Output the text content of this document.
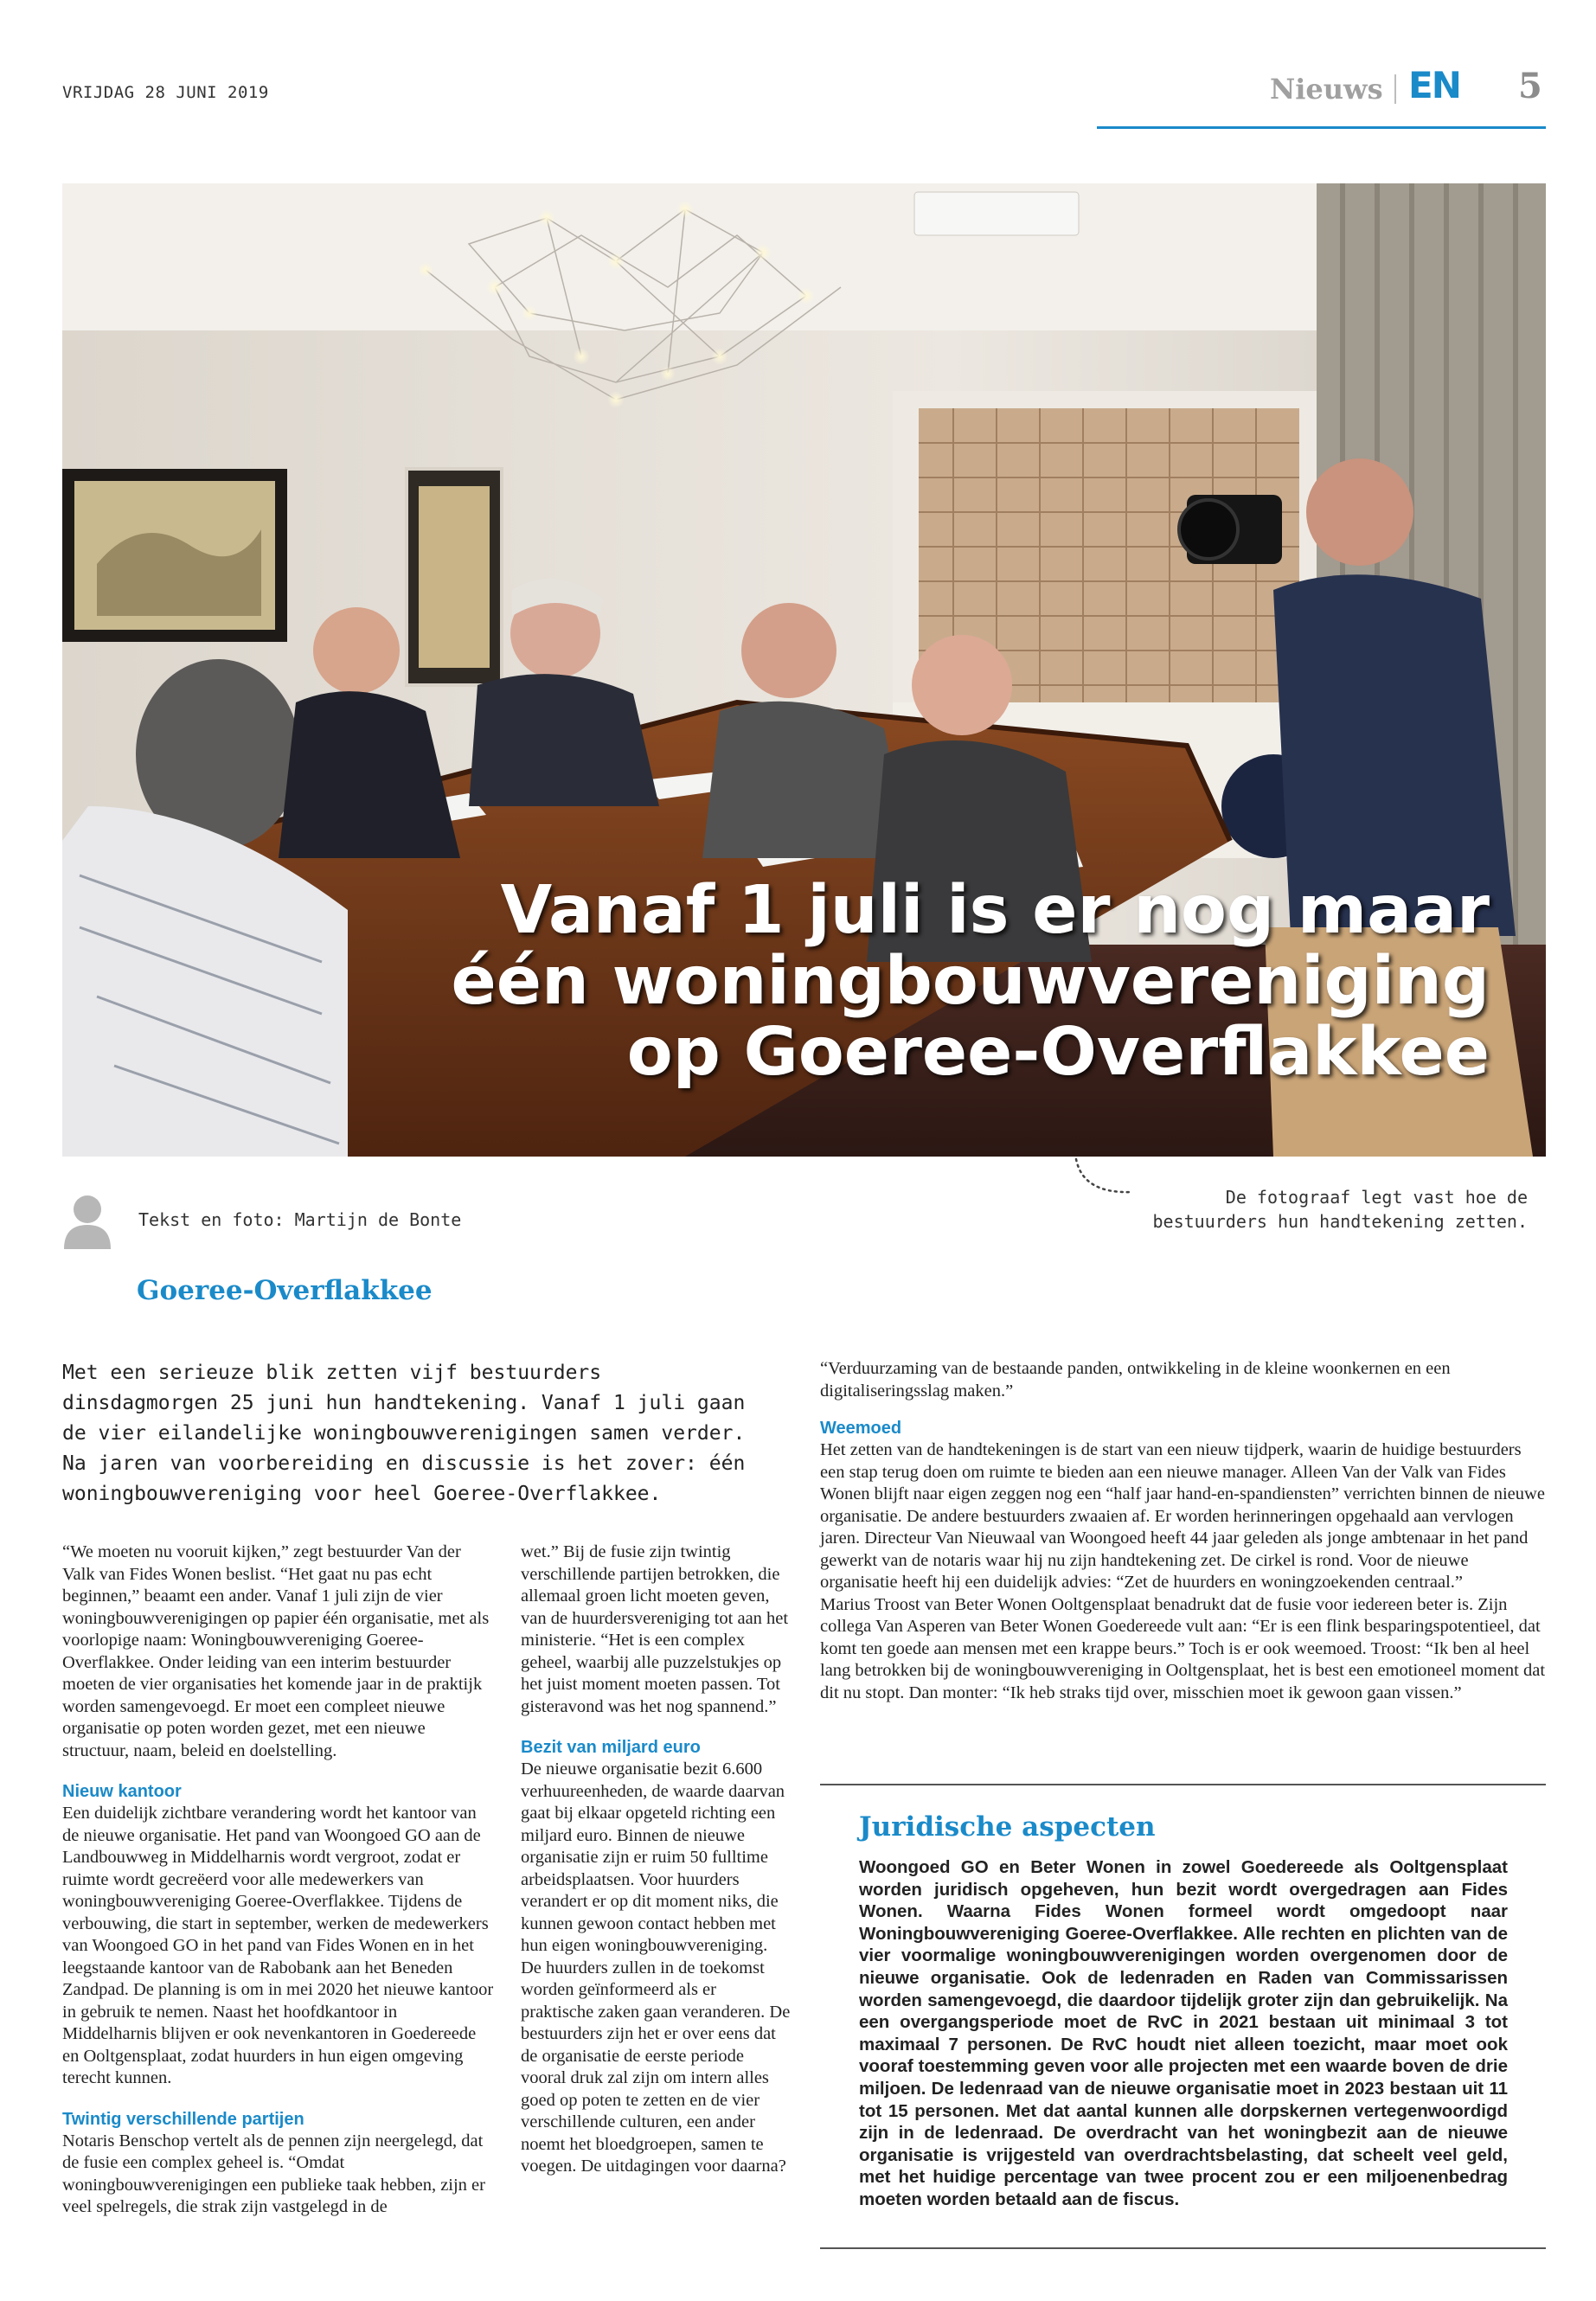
VRIJDAG 28 JUNI 2019	Nieuws EN 5
Vanaf 1 juli is er nog maar
één woningbouwvereniging
op Goeree-Overflakkee
Tekst en foto: Martijn de Bonte
De fotograaf legt vast hoe de bestuurders hun handtekening zetten.
Goeree-Overflakkee
Met een serieuze blik zetten vijf bestuurders dinsdagmorgen 25 juni hun handtekening. Vanaf 1 juli gaan de vier eilandelijke woningbouwverenigingen samen verder. Na jaren van voorbereiding en discussie is het zover: één woningbouwvereniging voor heel Goeree-Overflakkee.

“We moeten nu vooruit kijken,” zegt bestuurder Van der Valk van Fides Wonen beslist. “Het gaat nu pas echt beginnen,” beaamt een ander. Vanaf 1 juli zijn de vier woningbouwverenigingen op papier één organisatie, met als voorlopige naam: Woningbouwvereniging Goeree-Overflakkee. Onder leiding van een interim bestuurder moeten de vier organisaties het komende jaar in de praktijk worden samengevoegd. Er moet een compleet nieuwe organisatie op poten worden gezet, met een nieuwe structuur, naam, beleid en doelstelling.

Nieuw kantoor

Een duidelijk zichtbare verandering wordt het kantoor van de nieuwe organisatie. Het pand van Woongoed GO aan de Landbouwweg in Middelharnis wordt vergroot, zodat er ruimte wordt gecreëerd voor alle medewerkers van woningbouwvereniging Goeree-Overflakkee. Tijdens de verbouwing, die start in september, werken de medewerkers van Woongoed GO in het pand van Fides Wonen en in het leegstaande kantoor van de Rabobank aan het Beneden Zandpad. De planning is om in mei 2020 het nieuwe kantoor in gebruik te nemen. Naast het hoofdkantoor in Middelharnis blijven er ook nevenkantoren in Goedereede en Ooltgensplaat, zodat huurders in hun eigen omgeving terecht kunnen.

Twintig verschillende partijen

Notaris Benschop vertelt als de pennen zijn neergelegd, dat de fusie een complex geheel is. “Omdat woningbouwverenigingen een publieke taak hebben, zijn er veel spelregels, die strak zijn vastgelegd in de

wet.” Bij de fusie zijn twintig verschillende partijen betrokken, die allemaal groen licht moeten geven, van de huurdersvereniging tot aan het ministerie. “Het is een complex geheel, waarbij alle puzzelstukjes op het juist moment moeten passen. Tot gisteravond was het nog spannend.”

Bezit van miljard euro

De nieuwe organisatie bezit 6.600 verhuureenheden, de waarde daarvan gaat bij elkaar opgeteld richting een miljard euro. Binnen de nieuwe organisatie zijn er ruim 50 fulltime arbeidsplaatsen. Voor huurders verandert er op dit moment niks, die kunnen gewoon contact hebben met hun eigen woningbouwvereniging. De huurders zullen in de toekomst worden geïnformeerd als er praktische zaken gaan veranderen. De bestuurders zijn het er over eens dat de organisatie de eerste periode vooral druk zal zijn om intern alles goed op poten te zetten en de vier verschillende culturen, een ander noemt het bloedgroepen, samen te voegen. De uitdagingen voor daarna?

“Verduurzaming van de bestaande panden, ontwikkeling in de kleine woonkernen en een digitaliseringsslag maken.”

Weemoed

Het zetten van de handtekeningen is de start van een nieuw tijdperk, waarin de huidige bestuurders een stap terug doen om ruimte te bieden aan een nieuwe manager. Alleen Van der Valk van Fides Wonen blijft naar eigen zeggen nog een “half jaar hand-en-spandiensten” verrichten binnen de nieuwe organisatie. De andere bestuurders zwaaien af. Er worden herinneringen opgehaald aan vervlogen jaren. Directeur Van Nieuwaal van Woongoed heeft 44 jaar geleden als jonge ambtenaar in het pand gewerkt van de notaris waar hij nu zijn handtekening zet. De cirkel is rond. Voor de nieuwe organisatie heeft hij een duidelijk advies: “Zet de huurders en woningzoekenden centraal.”

Marius Troost van Beter Wonen Ooltgensplaat benadrukt dat de fusie voor iedereen beter is. Zijn collega Van Asperen van Beter Wonen Goedereede vult aan: “Er is een flink besparingspotentieel, dat komt ten goede aan mensen met een krappe beurs.” Toch is er ook weemoed. Troost: “Ik ben al heel lang betrokken bij de woningbouwvereniging in Ooltgensplaat, het is best een emotioneel moment dat dit nu stopt. Dan monter: “Ik heb straks tijd over, misschien moet ik gewoon gaan vissen.”

Juridische aspecten
Woongoed GO en Beter Wonen in zowel Goedereede als Ooltgensplaat worden juridisch opgeheven, hun bezit wordt overgedragen aan Fides Wonen. Waarna Fides Wonen formeel wordt omgedoopt naar Woningbouwvereniging Goeree-Overflakkee. Alle rechten en plichten van de vier voormalige woningbouwverenigingen worden overgenomen door de nieuwe organisatie. Ook de ledenraden en Raden van Commissarissen worden samengevoegd, die daardoor tijdelijk groter zijn dan gebruikelijk. Na een overgangsperiode moet de RvC in 2021 bestaan uit minimaal 3 tot maximaal 7 personen. De RvC houdt niet alleen toezicht, maar moet ook vooraf toestemming geven voor alle projecten met een waarde boven de drie miljoen. De ledenraad van de nieuwe organisatie moet in 2023 bestaan uit 11 tot 15 personen. Met dat aantal kunnen alle dorpskernen vertegenwoordigd zijn in de ledenraad. De overdracht van het woningbezit aan de nieuwe organisatie is vrijgesteld van overdrachtsbelasting, dat scheelt veel geld, met het huidige percentage van twee procent zou er een miljoenenbedrag moeten worden betaald aan de fiscus.
